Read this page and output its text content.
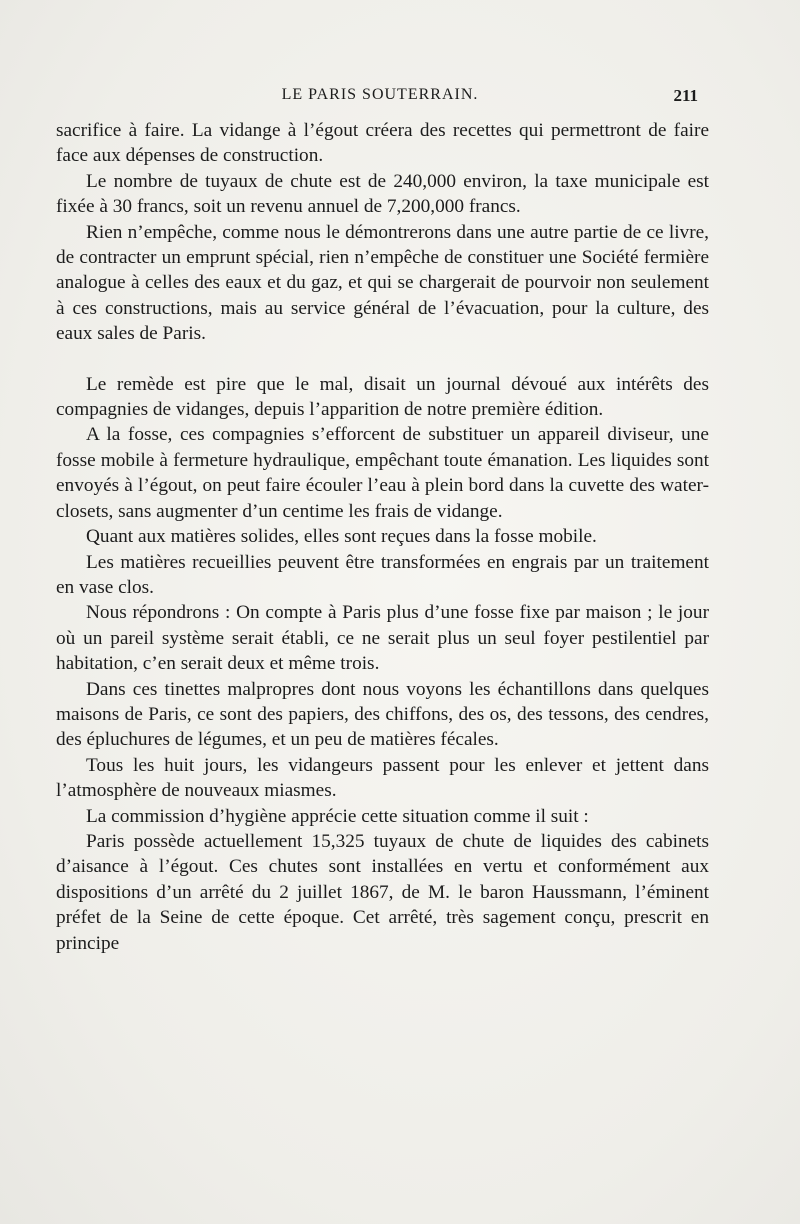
LE PARIS SOUTERRAIN.	211

sacrifice à faire. La vidange à l’égout créera des recettes qui permettront de faire face aux dépenses de construction.

Le nombre de tuyaux de chute est de 240,000 environ, la taxe municipale est fixée à 30 francs, soit un revenu annuel de 7,200,000 francs.

Rien n’empêche, comme nous le démontrerons dans une autre partie de ce livre, de contracter un emprunt spécial, rien n’empêche de constituer une Société fermière analogue à celles des eaux et du gaz, et qui se chargerait de pourvoir non seulement à ces constructions, mais au service général de l’évacuation, pour la culture, des eaux sales de Paris.

Le remède est pire que le mal, disait un journal dévoué aux intérêts des compagnies de vidanges, depuis l’apparition de notre première édition.

A la fosse, ces compagnies s’efforcent de substituer un appareil diviseur, une fosse mobile à fermeture hydraulique, empêchant toute émanation. Les liquides sont envoyés à l’égout, on peut faire écouler l’eau à plein bord dans la cuvette des water-closets, sans augmenter d’un centime les frais de vidange.

Quant aux matières solides, elles sont reçues dans la fosse mobile.

Les matières recueillies peuvent être transformées en engrais par un traitement en vase clos.

Nous répondrons : On compte à Paris plus d’une fosse fixe par maison ; le jour où un pareil système serait établi, ce ne serait plus un seul foyer pestilentiel par habitation, c’en serait deux et même trois.

Dans ces tinettes malpropres dont nous voyons les échantillons dans quelques maisons de Paris, ce sont des papiers, des chiffons, des os, des tessons, des cendres, des épluchures de légumes, et un peu de matières fécales.

Tous les huit jours, les vidangeurs passent pour les enlever et jettent dans l’atmosphère de nouveaux miasmes.

La commission d’hygiène apprécie cette situation comme il suit :

Paris possède actuellement 15,325 tuyaux de chute de liquides des cabinets d’aisance à l’égout. Ces chutes sont installées en vertu et conformément aux dispositions d’un arrêté du 2 juillet 1867, de M. le baron Haussmann, l’éminent préfet de la Seine de cette époque. Cet arrêté, très sagement conçu, prescrit en principe
